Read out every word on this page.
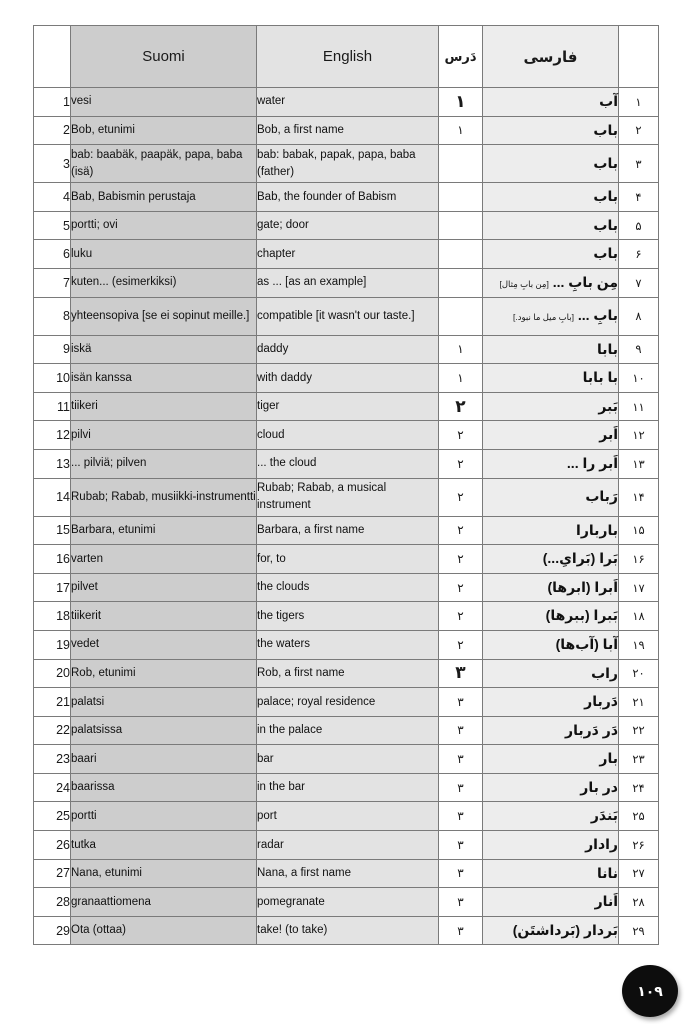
	Suomi	English	دَرس	فارسی	
1	vesi	water	۱	آب	۱
2	Bob, etunimi	Bob, a first name	۱	باب	۲
3	bab: baabäk, paapäk, papa, baba (isä)	bab: babak, papak, papa, baba (father)		باب	۳
4	Bab, Babismin perustaja	Bab, the founder of Babism		باب	۴
5	portti; ovi	gate; door		باب	۵
6	luku	chapter		باب	۶
7	kuten... (esimerkiksi)	as ... [as an example]		مِن بابِ ... [مِن بابِ مِثال]	۷
8	yhteensopiva [se ei sopinut meille.]	compatible [it wasn't our taste.]		بابِ ... [بابِ میل ما نبود.]	۸
9	iskä	daddy	۱	بابا	۹
10	isän kanssa	with daddy	۱	با بابا	۱۰
11	tiikeri	tiger	۲	بَبر	۱۱
12	pilvi	cloud	۲	اَبر	۱۲
13	... pilviä; pilven	... the cloud	۲	اَبر را ...	۱۳
14	Rubab; Rabab, musiikki-instrumentti	Rubab; Rabab, a musical instrument	۲	رَباب	۱۴
15	Barbara, etunimi	Barbara, a first name	۲	باربارا	۱۵
16	varten	for, to	۲	بَرا (بَرایِ...)	۱۶
17	pilvet	the clouds	۲	اَبرا (ابرها)	۱۷
18	tiikerit	the tigers	۲	بَبرا (ببرها)	۱۸
19	vedet	the waters	۲	آبا (آب‌ها)	۱۹
20	Rob, etunimi	Rob, a first name	۳	راب	۲۰
21	palatsi	palace; royal residence	۳	دَربار	۲۱
22	palatsissa	in the palace	۳	دَر دَربار	۲۲
23	baari	bar	۳	بار	۲۳
24	baarissa	in the bar	۳	در بار	۲۴
25	portti	port	۳	بَندَر	۲۵
26	tutka	radar	۳	رادار	۲۶
27	Nana, etunimi	Nana, a first name	۳	نانا	۲۷
28	granaattiomena	pomegranate	۳	اَنار	۲۸
29	Ota (ottaa)	take! (to take)	۳	بَردار (بَرداشتَن)	۲۹
۱۰۹
